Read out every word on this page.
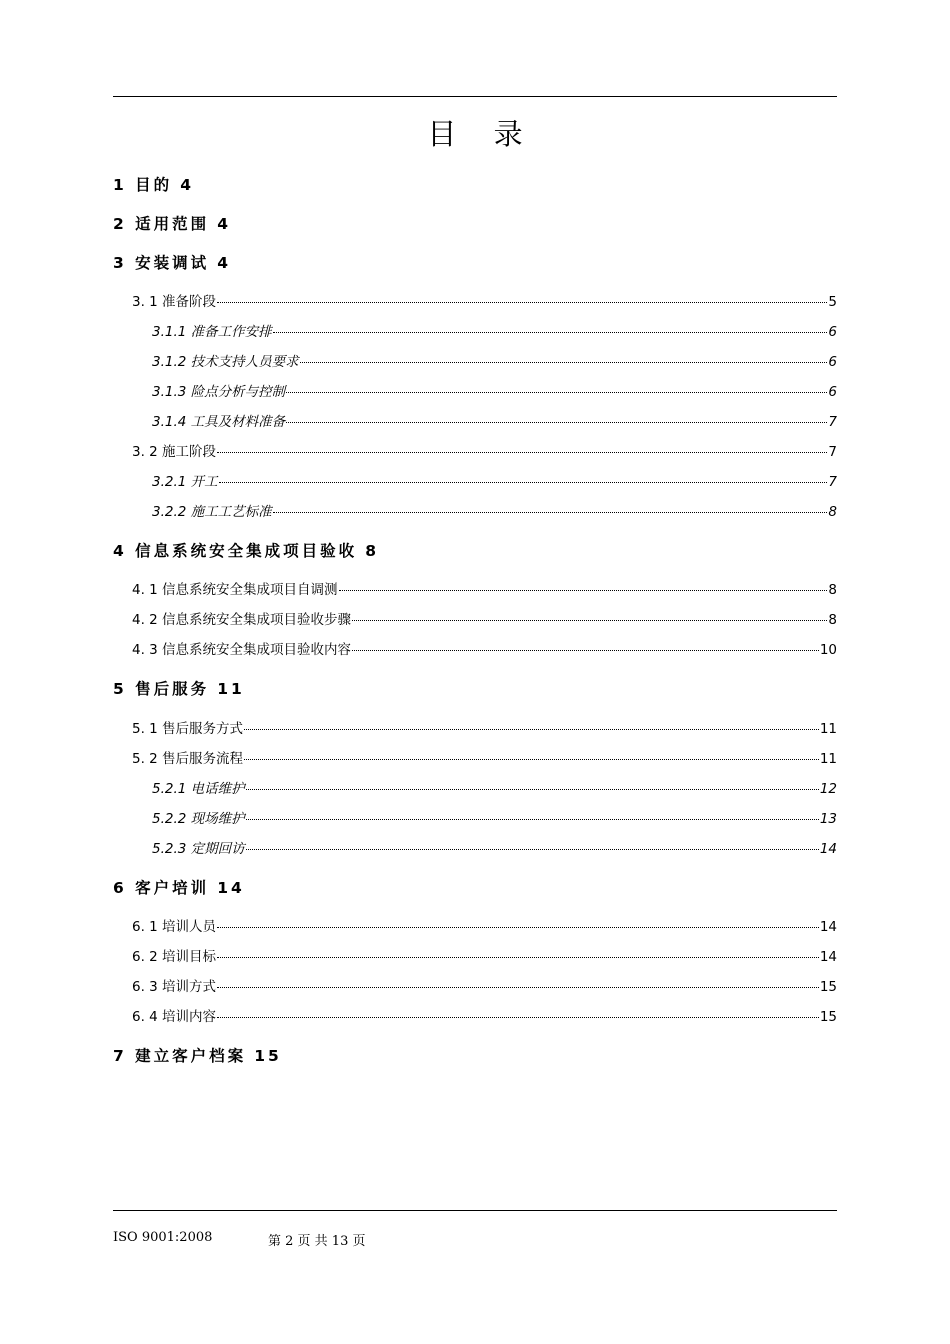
目 录
1 目的 4
2 适用范围 4
3 安装调试 4
3. 1 准备阶段	5
3.1.1 准备工作安排	6
3.1.2 技术支持人员要求	6
3.1.3 险点分析与控制	6
3.1.4 工具及材料准备	7
3. 2 施工阶段	7
3.2.1 开工	7
3.2.2 施工工艺标准	8
4 信息系统安全集成项目验收 8
4. 1 信息系统安全集成项目自调测	8
4. 2 信息系统安全集成项目验收步骤	8
4. 3 信息系统安全集成项目验收内容	10
5 售后服务 11
5. 1 售后服务方式	11
5. 2 售后服务流程	11
5.2.1 电话维护	12
5.2.2 现场维护	13
5.2.3 定期回访	14
6 客户培训 14
6. 1 培训人员	14
6. 2 培训目标	14
6. 3 培训方式	15
6. 4 培训内容	15
7 建立客户档案 15
ISO 9001:2008	第 2 页 共 13 页
